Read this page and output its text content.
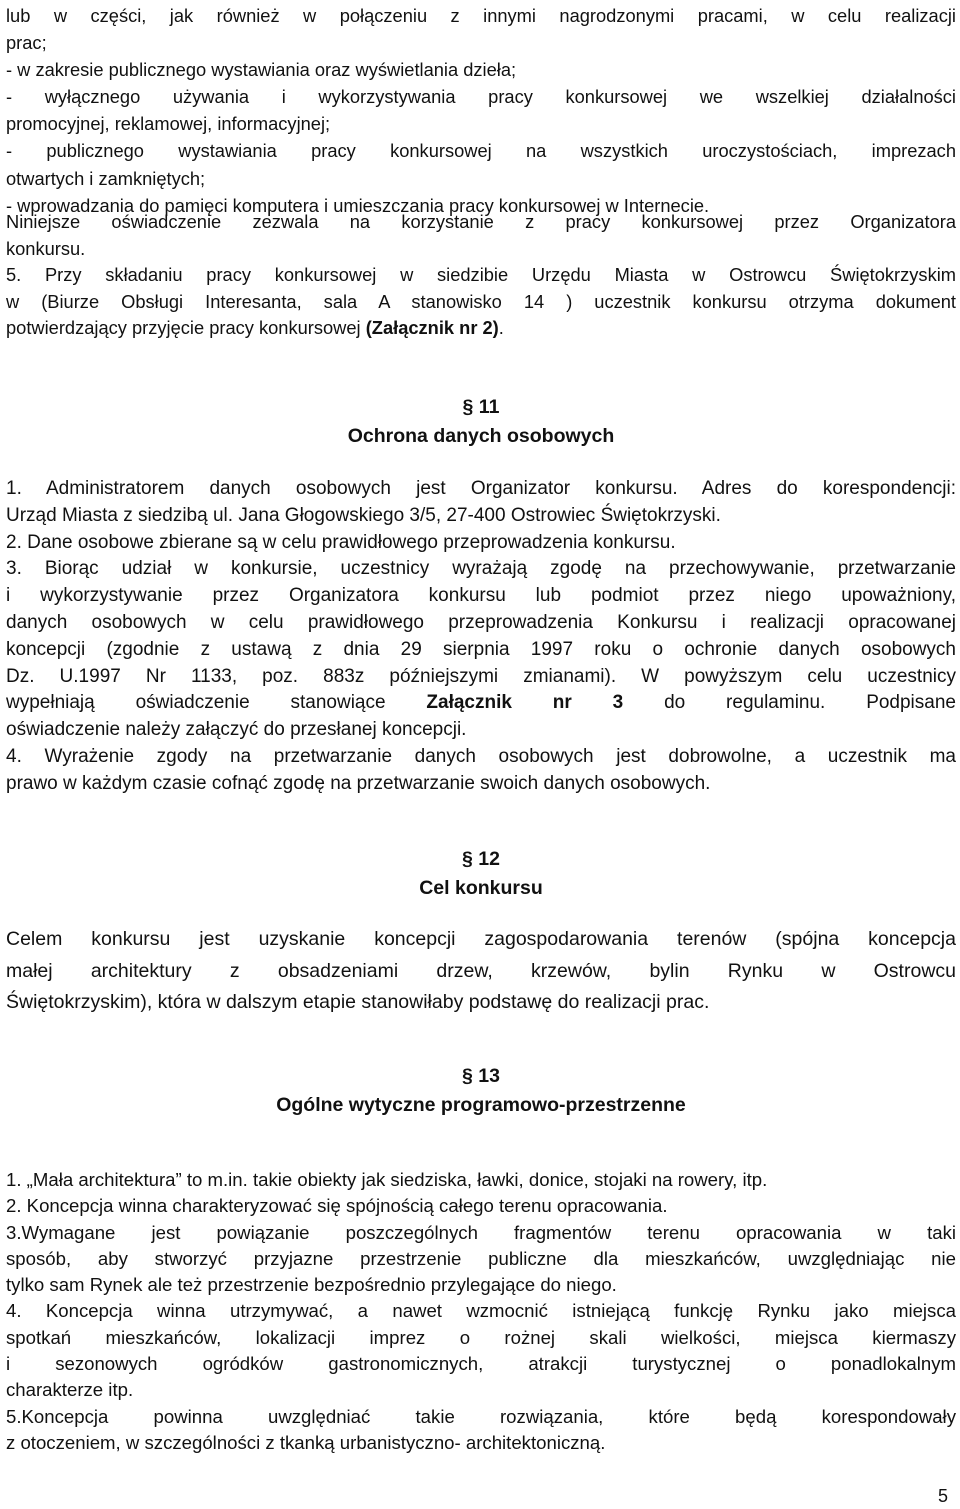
lub w części, jak również w połączeniu z innymi nagrodzonymi pracami, w celu realizacji
prac;
- w zakresie publicznego wystawiania oraz wyświetlania dzieła;
- wyłącznego używania i wykorzystywania pracy konkursowej we wszelkiej działalności
promocyjnej, reklamowej, informacyjnej;
- publicznego wystawiania pracy konkursowej na wszystkich uroczystościach, imprezach
otwartych i zamkniętych;
- wprowadzania do pamięci komputera i umieszczania pracy konkursowej w Internecie.
Niniejsze oświadczenie zezwala na korzystanie z pracy konkursowej przez Organizatora
konkursu.
5. Przy składaniu pracy konkursowej w siedzibie Urzędu Miasta w Ostrowcu Świętokrzyskim
w (Biurze Obsługi Interesanta, sala A stanowisko 14 ) uczestnik konkursu otrzyma dokument
potwierdzający przyjęcie pracy konkursowej (Załącznik nr 2).
§ 11
Ochrona danych osobowych
1. Administratorem danych osobowych jest Organizator konkursu. Adres do korespondencji:
Urząd Miasta z siedzibą ul. Jana Głogowskiego 3/5, 27-400 Ostrowiec Świętokrzyski.
2. Dane osobowe zbierane są w celu prawidłowego przeprowadzenia konkursu.
3. Biorąc udział w konkursie, uczestnicy wyrażają zgodę na przechowywanie, przetwarzanie
i wykorzystywanie przez Organizatora konkursu lub podmiot przez niego upoważniony,
danych osobowych w celu prawidłowego przeprowadzenia Konkursu i realizacji opracowanej
koncepcji (zgodnie z ustawą z dnia 29 sierpnia 1997 roku o ochronie danych osobowych
Dz. U.1997 Nr 1133, poz. 883z późniejszymi zmianami). W powyższym celu uczestnicy
wypełniają oświadczenie stanowiące Załącznik nr 3 do regulaminu. Podpisane
oświadczenie należy załączyć do przesłanej koncepcji.
4. Wyrażenie zgody na przetwarzanie danych osobowych jest dobrowolne, a uczestnik ma
prawo w każdym czasie cofnąć zgodę na przetwarzanie swoich danych osobowych.
§ 12
Cel konkursu
Celem konkursu jest uzyskanie koncepcji zagospodarowania terenów (spójna koncepcja
małej architektury z obsadzeniami drzew, krzewów, bylin Rynku w Ostrowcu
Świętokrzyskim), która w dalszym etapie stanowiłaby podstawę do realizacji prac.
§ 13
Ogólne wytyczne programowo-przestrzenne
1. „Mała architektura” to m.in. takie obiekty jak siedziska, ławki, donice, stojaki na rowery, itp.
2. Koncepcja winna charakteryzować się spójnością całego terenu opracowania.
3.Wymagane jest powiązanie poszczególnych fragmentów terenu opracowania w taki
sposób, aby stworzyć przyjazne przestrzenie publiczne dla mieszkańców, uwzględniając nie
tylko sam Rynek ale też przestrzenie bezpośrednio przylegające do niego.
4. Koncepcja winna utrzymywać, a nawet wzmocnić istniejącą funkcję Rynku jako miejsca
spotkań mieszkańców, lokalizacji imprez o rożnej skali wielkości, miejsca kiermaszy
i sezonowych ogródków gastronomicznych, atrakcji turystycznej o ponadlokalnym
charakterze itp.
5.Koncepcja powinna uwzględniać takie rozwiązania, które będą korespondowały
z otoczeniem, w szczególności z tkanką urbanistyczno- architektoniczną.
5
